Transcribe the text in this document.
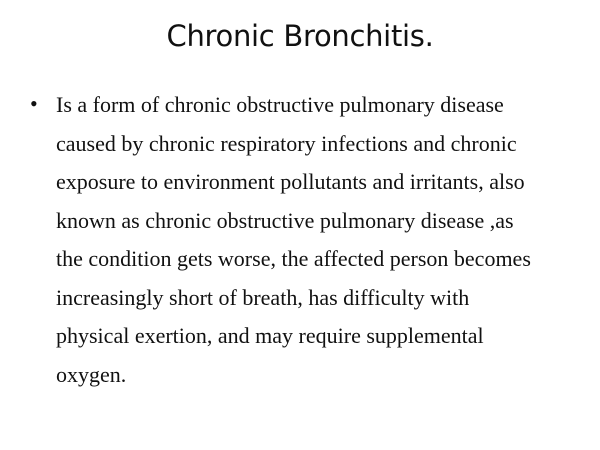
Chronic Bronchitis.
• Is a form of chronic obstructive pulmonary disease
caused by chronic respiratory infections and chronic
exposure to environment pollutants and irritants, also
known as chronic obstructive pulmonary disease ,as
the condition gets worse, the affected person becomes
increasingly short of breath, has difficulty with
physical exertion, and may require supplemental
oxygen.
